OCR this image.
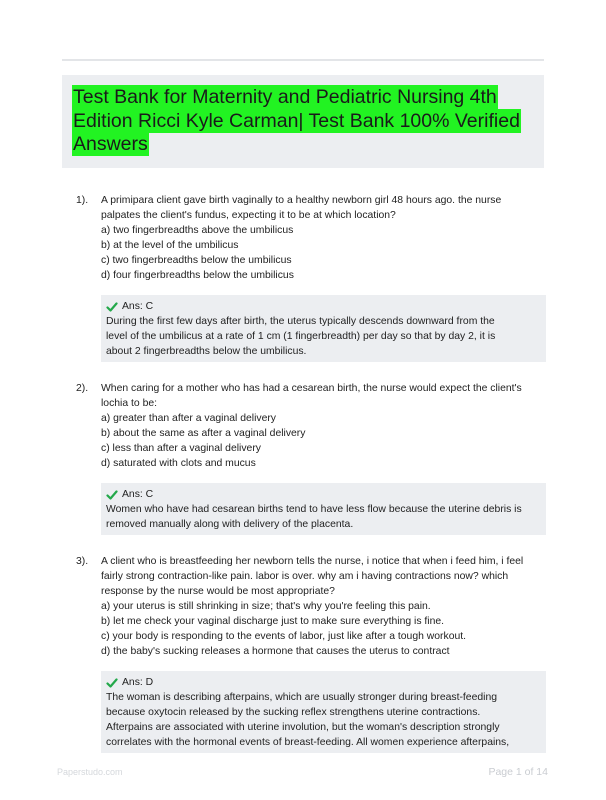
Test Bank for Maternity and Pediatric Nursing 4th Edition Ricci Kyle Carman| Test Bank 100% Verified Answers
1). A primipara client gave birth vaginally to a healthy newborn girl 48 hours ago. the nurse
palpates the client's fundus, expecting it to be at which location?
a) two fingerbreadths above the umbilicus
b) at the level of the umbilicus
c) two fingerbreadths below the umbilicus
d) four fingerbreadths below the umbilicus
Ans: C
During the first few days after birth, the uterus typically descends downward from the
level of the umbilicus at a rate of 1 cm (1 fingerbreadth) per day so that by day 2, it is
about 2 fingerbreadths below the umbilicus.
2). When caring for a mother who has had a cesarean birth, the nurse would expect the client's
lochia to be:
a) greater than after a vaginal delivery
b) about the same as after a vaginal delivery
c) less than after a vaginal delivery
d) saturated with clots and mucus
Ans: C
Women who have had cesarean births tend to have less flow because the uterine debris is
removed manually along with delivery of the placenta.
3). A client who is breastfeeding her newborn tells the nurse, i notice that when i feed him, i feel
fairly strong contraction-like pain. labor is over. why am i having contractions now? which
response by the nurse would be most appropriate?
a) your uterus is still shrinking in size; that's why you're feeling this pain.
b) let me check your vaginal discharge just to make sure everything is fine.
c) your body is responding to the events of labor, just like after a tough workout.
d) the baby's sucking releases a hormone that causes the uterus to contract
Ans: D
The woman is describing afterpains, which are usually stronger during breast-feeding
because oxytocin released by the sucking reflex strengthens uterine contractions.
Afterpains are associated with uterine involution, but the woman's description strongly
correlates with the hormonal events of breast-feeding. All women experience afterpains,
Paperstudo.com	Page 1 of 14
